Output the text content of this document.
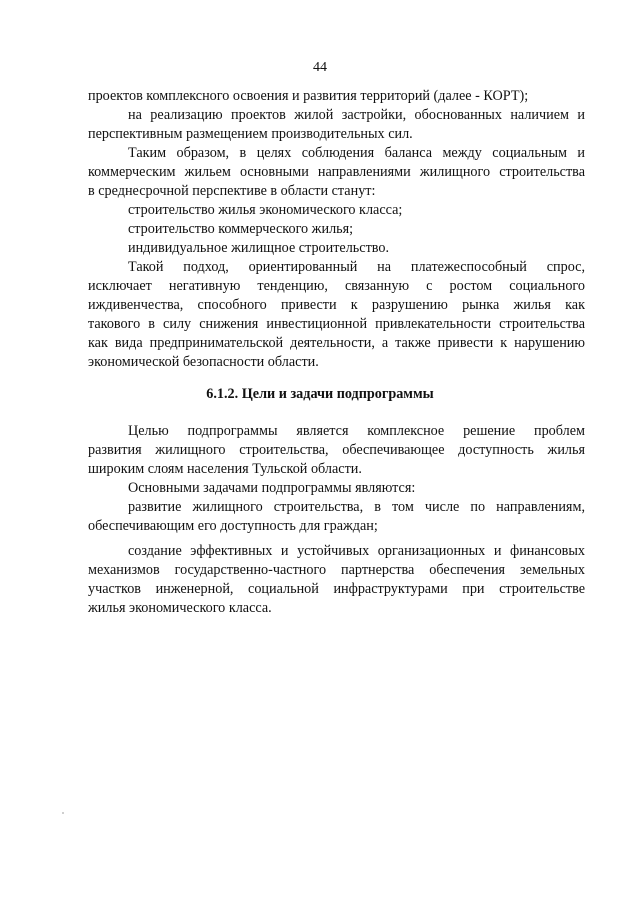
44
проектов комплексного освоения и развития территорий (далее - КОРТ);
на реализацию проектов жилой застройки, обоснованных наличием и
перспективным размещением производительных сил.
Таким образом, в целях соблюдения баланса между социальным и
коммерческим жильем основными направлениями жилищного строительства
в среднесрочной перспективе в области станут:
строительство жилья экономического класса;
строительство коммерческого жилья;
индивидуальное жилищное строительство.
Такой подход, ориентированный на платежеспособный спрос,
исключает негативную тенденцию, связанную с ростом социального
иждивенчества, способного привести к разрушению рынка жилья как
такового в силу снижения инвестиционной привлекательности строительства
как вида предпринимательской деятельности, а также привести к нарушению
экономической безопасности области.
6.1.2. Цели и задачи подпрограммы
Целью подпрограммы является комплексное решение проблем
развития жилищного строительства, обеспечивающее доступность жилья
широким слоям населения Тульской области.
Основными задачами подпрограммы являются:
развитие жилищного строительства, в том числе по направлениям,
обеспечивающим его доступность для граждан;
создание эффективных и устойчивых организационных и финансовых
механизмов государственно-частного партнерства обеспечения земельных
участков инженерной, социальной инфраструктурами при строительстве
жилья экономического класса.
